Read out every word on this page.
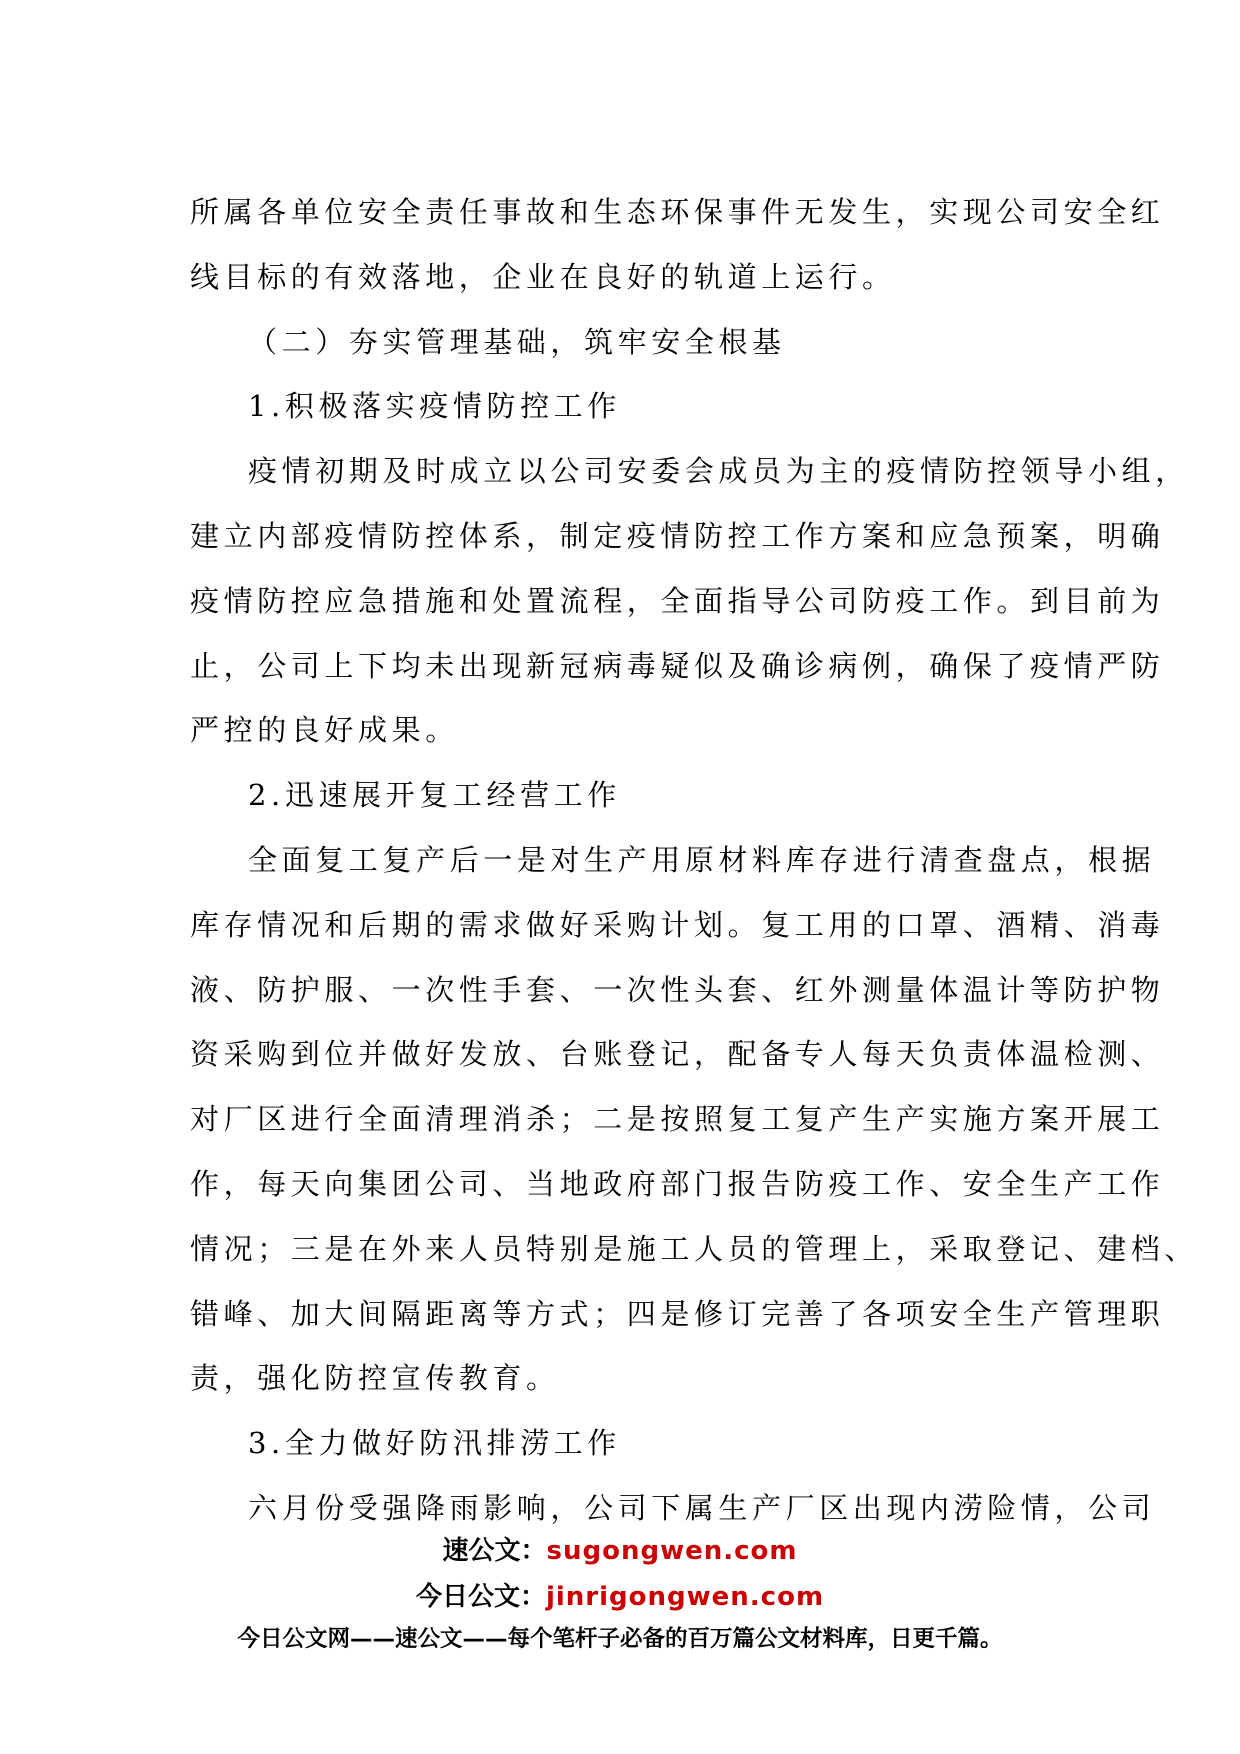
所属各单位安全责任事故和生态环保事件无发生，实现公司安全红
线目标的有效落地，企业在良好的轨道上运行。
（二）夯实管理基础，筑牢安全根基
1.积极落实疫情防控工作
疫情初期及时成立以公司安委会成员为主的疫情防控领导小组，
建立内部疫情防控体系，制定疫情防控工作方案和应急预案，明确
疫情防控应急措施和处置流程，全面指导公司防疫工作。到目前为
止，公司上下均未出现新冠病毒疑似及确诊病例，确保了疫情严防
严控的良好成果。
2.迅速展开复工经营工作
全面复工复产后一是对生产用原材料库存进行清查盘点，根据
库存情况和后期的需求做好采购计划。复工用的口罩、酒精、消毒
液、防护服、一次性手套、一次性头套、红外测量体温计等防护物
资采购到位并做好发放、台账登记，配备专人每天负责体温检测、
对厂区进行全面清理消杀；二是按照复工复产生产实施方案开展工
作，每天向集团公司、当地政府部门报告防疫工作、安全生产工作
情况；三是在外来人员特别是施工人员的管理上，采取登记、建档、
错峰、加大间隔距离等方式；四是修订完善了各项安全生产管理职
责，强化防控宣传教育。
3.全力做好防汛排涝工作
六月份受强降雨影响，公司下属生产厂区出现内涝险情，公司
速公文：sugongwen.com
今日公文：jinrigongwen.com
今日公文网——速公文——每个笔杆子必备的百万篇公文材料库，日更千篇。
